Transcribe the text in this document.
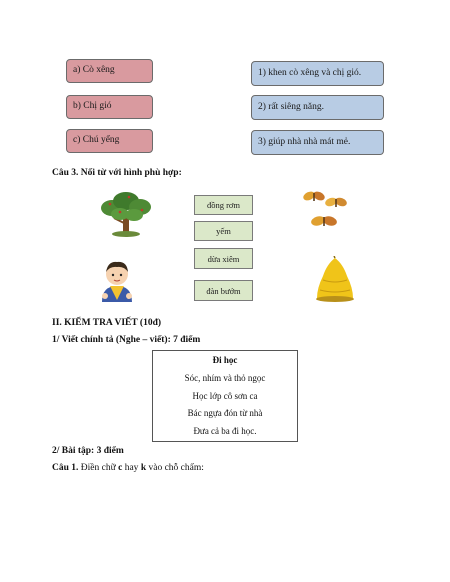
a) Cò xêng
b) Chị gió
c) Chú yểng
1) khen cò xêng và chị gió.
2) rất siêng năng.
3) giúp nhà nhà mát mẻ.
Câu 3. Nối từ với hình phù hợp:
đồng rơm
yếm
dừa xiêm
đàn bướm
II. KIỂM TRA VIẾT (10đ)
1/ Viết chính tả (Nghe – viết): 7 điểm
Đi học
Sóc, nhím và thỏ ngọc
Học lớp cô sơn ca
Bác ngựa đón từ nhà
Đưa cả ba đi học.
2/ Bài tập: 3 điểm
Câu 1. Điền chữ c hay k vào chỗ chấm:
